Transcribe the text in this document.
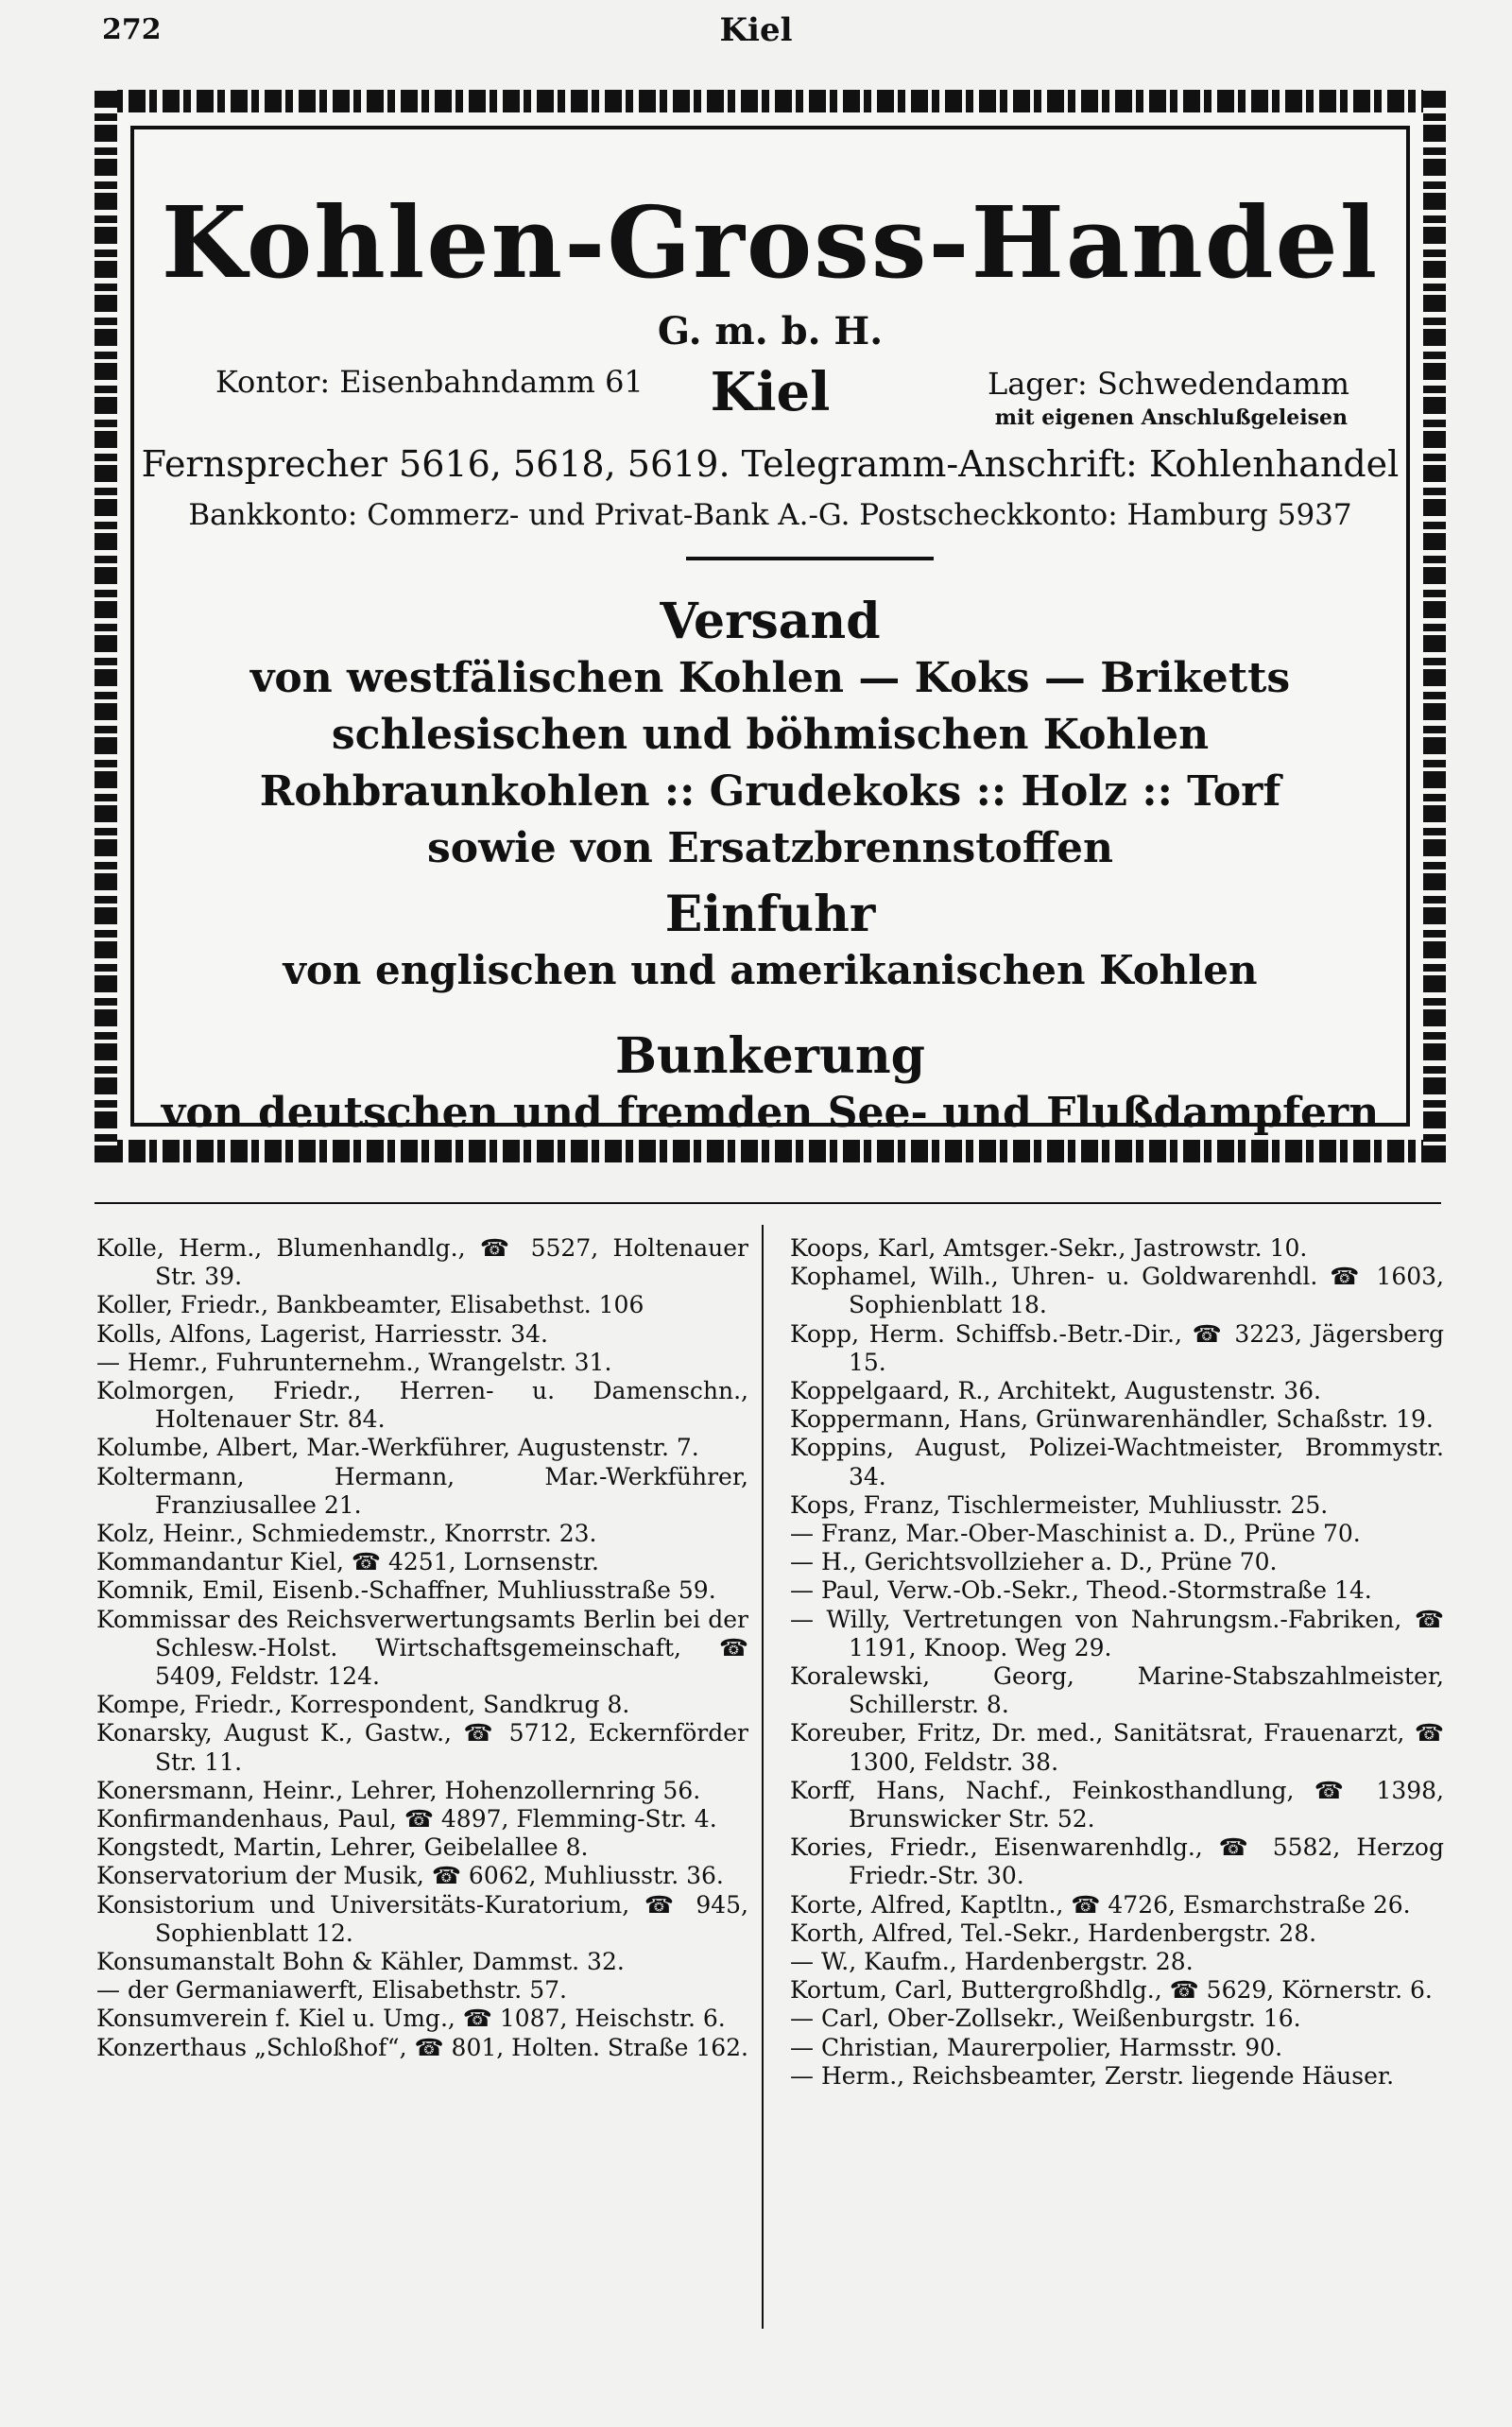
272	Kiel
Kohlen-Gross-Handel
G. m. b. H.
Kontor: Eisenbahndamm 61	Kiel	Lager: Schwedendamm
mit eigenen Anschlußgeleisen
Fernsprecher 5616, 5618, 5619. Telegramm-Anschrift: Kohlenhandel
Bankkonto: Commerz- und Privat-Bank A.-G. Postscheckkonto: Hamburg 5937
Versand
von westfälischen Kohlen — Koks — Briketts
schlesischen und böhmischen Kohlen
Rohbraunkohlen :: Grudekoks :: Holz :: Torf
sowie von Ersatzbrennstoffen
Einfuhr
von englischen und amerikanischen Kohlen
Bunkerung
von deutschen und fremden See- und Flußdampfern

Kolle, Herm., Blumenhandlg., ☎ 5527, Holtenauer Str. 39.

Koller, Friedr., Bankbeamter, Elisabethst. 106

Kolls, Alfons, Lagerist, Harriesstr. 34.

— Hemr., Fuhrunternehm., Wrangelstr. 31.

Kolmorgen, Friedr., Herren- u. Damenschn., Holtenauer Str. 84.

Kolumbe, Albert, Mar.-Werkführer, Augustenstr. 7.

Koltermann, Hermann, Mar.-Werkführer, Franziusallee 21.

Kolz, Heinr., Schmiedemstr., Knorrstr. 23.

Kommandantur Kiel, ☎ 4251, Lornsenstr.

Komnik, Emil, Eisenb.-Schaffner, Muhliusstraße 59.

Kommissar des Reichsverwertungsamts Berlin bei der Schlesw.-Holst. Wirtschaftsgemeinschaft, ☎ 5409, Feldstr. 124.

Kompe, Friedr., Korrespondent, Sandkrug 8.

Konarsky, August K., Gastw., ☎ 5712, Eckernförder Str. 11.

Konersmann, Heinr., Lehrer, Hohenzollernring 56.

Konfirmandenhaus, Paul, ☎ 4897, Flemming-Str. 4.

Kongstedt, Martin, Lehrer, Geibelallee 8.

Konservatorium der Musik, ☎ 6062, Muhliusstr. 36.

Konsistorium und Universitäts-Kuratorium, ☎ 945, Sophienblatt 12.

Konsumanstalt Bohn & Kähler, Dammst. 32.

— der Germaniawerft, Elisabethstr. 57.

Konsumverein f. Kiel u. Umg., ☎ 1087, Heischstr. 6.

Konzerthaus „Schloßhof“, ☎ 801, Holten. Straße 162.

Koops, Karl, Amtsger.-Sekr., Jastrowstr. 10.

Kophamel, Wilh., Uhren- u. Goldwarenhdl. ☎ 1603, Sophienblatt 18.

Kopp, Herm. Schiffsb.-Betr.-Dir., ☎ 3223, Jägersberg 15.

Koppelgaard, R., Architekt, Augustenstr. 36.

Koppermann, Hans, Grünwarenhändler, Schaßstr. 19.

Koppins, August, Polizei-Wachtmeister, Brommystr. 34.

Kops, Franz, Tischlermeister, Muhliusstr. 25.

— Franz, Mar.-Ober-Maschinist a. D., Prüne 70.

— H., Gerichtsvollzieher a. D., Prüne 70.

— Paul, Verw.-Ob.-Sekr., Theod.-Stormstraße 14.

— Willy, Vertretungen von Nahrungsm.-Fabriken, ☎ 1191, Knoop. Weg 29.

Koralewski, Georg, Marine-Stabszahlmeister, Schillerstr. 8.

Koreuber, Fritz, Dr. med., Sanitätsrat, Frauenarzt, ☎ 1300, Feldstr. 38.

Korff, Hans, Nachf., Feinkosthandlung, ☎ 1398, Brunswicker Str. 52.

Kories, Friedr., Eisenwarenhdlg., ☎ 5582, Herzog Friedr.-Str. 30.

Korte, Alfred, Kaptltn., ☎ 4726, Esmarchstraße 26.

Korth, Alfred, Tel.-Sekr., Hardenbergstr. 28.

— W., Kaufm., Hardenbergstr. 28.

Kortum, Carl, Buttergroßhdlg., ☎ 5629, Körnerstr. 6.

— Carl, Ober-Zollsekr., Weißenburgstr. 16.

— Christian, Maurerpolier, Harmsstr. 90.

— Herm., Reichsbeamter, Zerstr. liegende Häuser.
